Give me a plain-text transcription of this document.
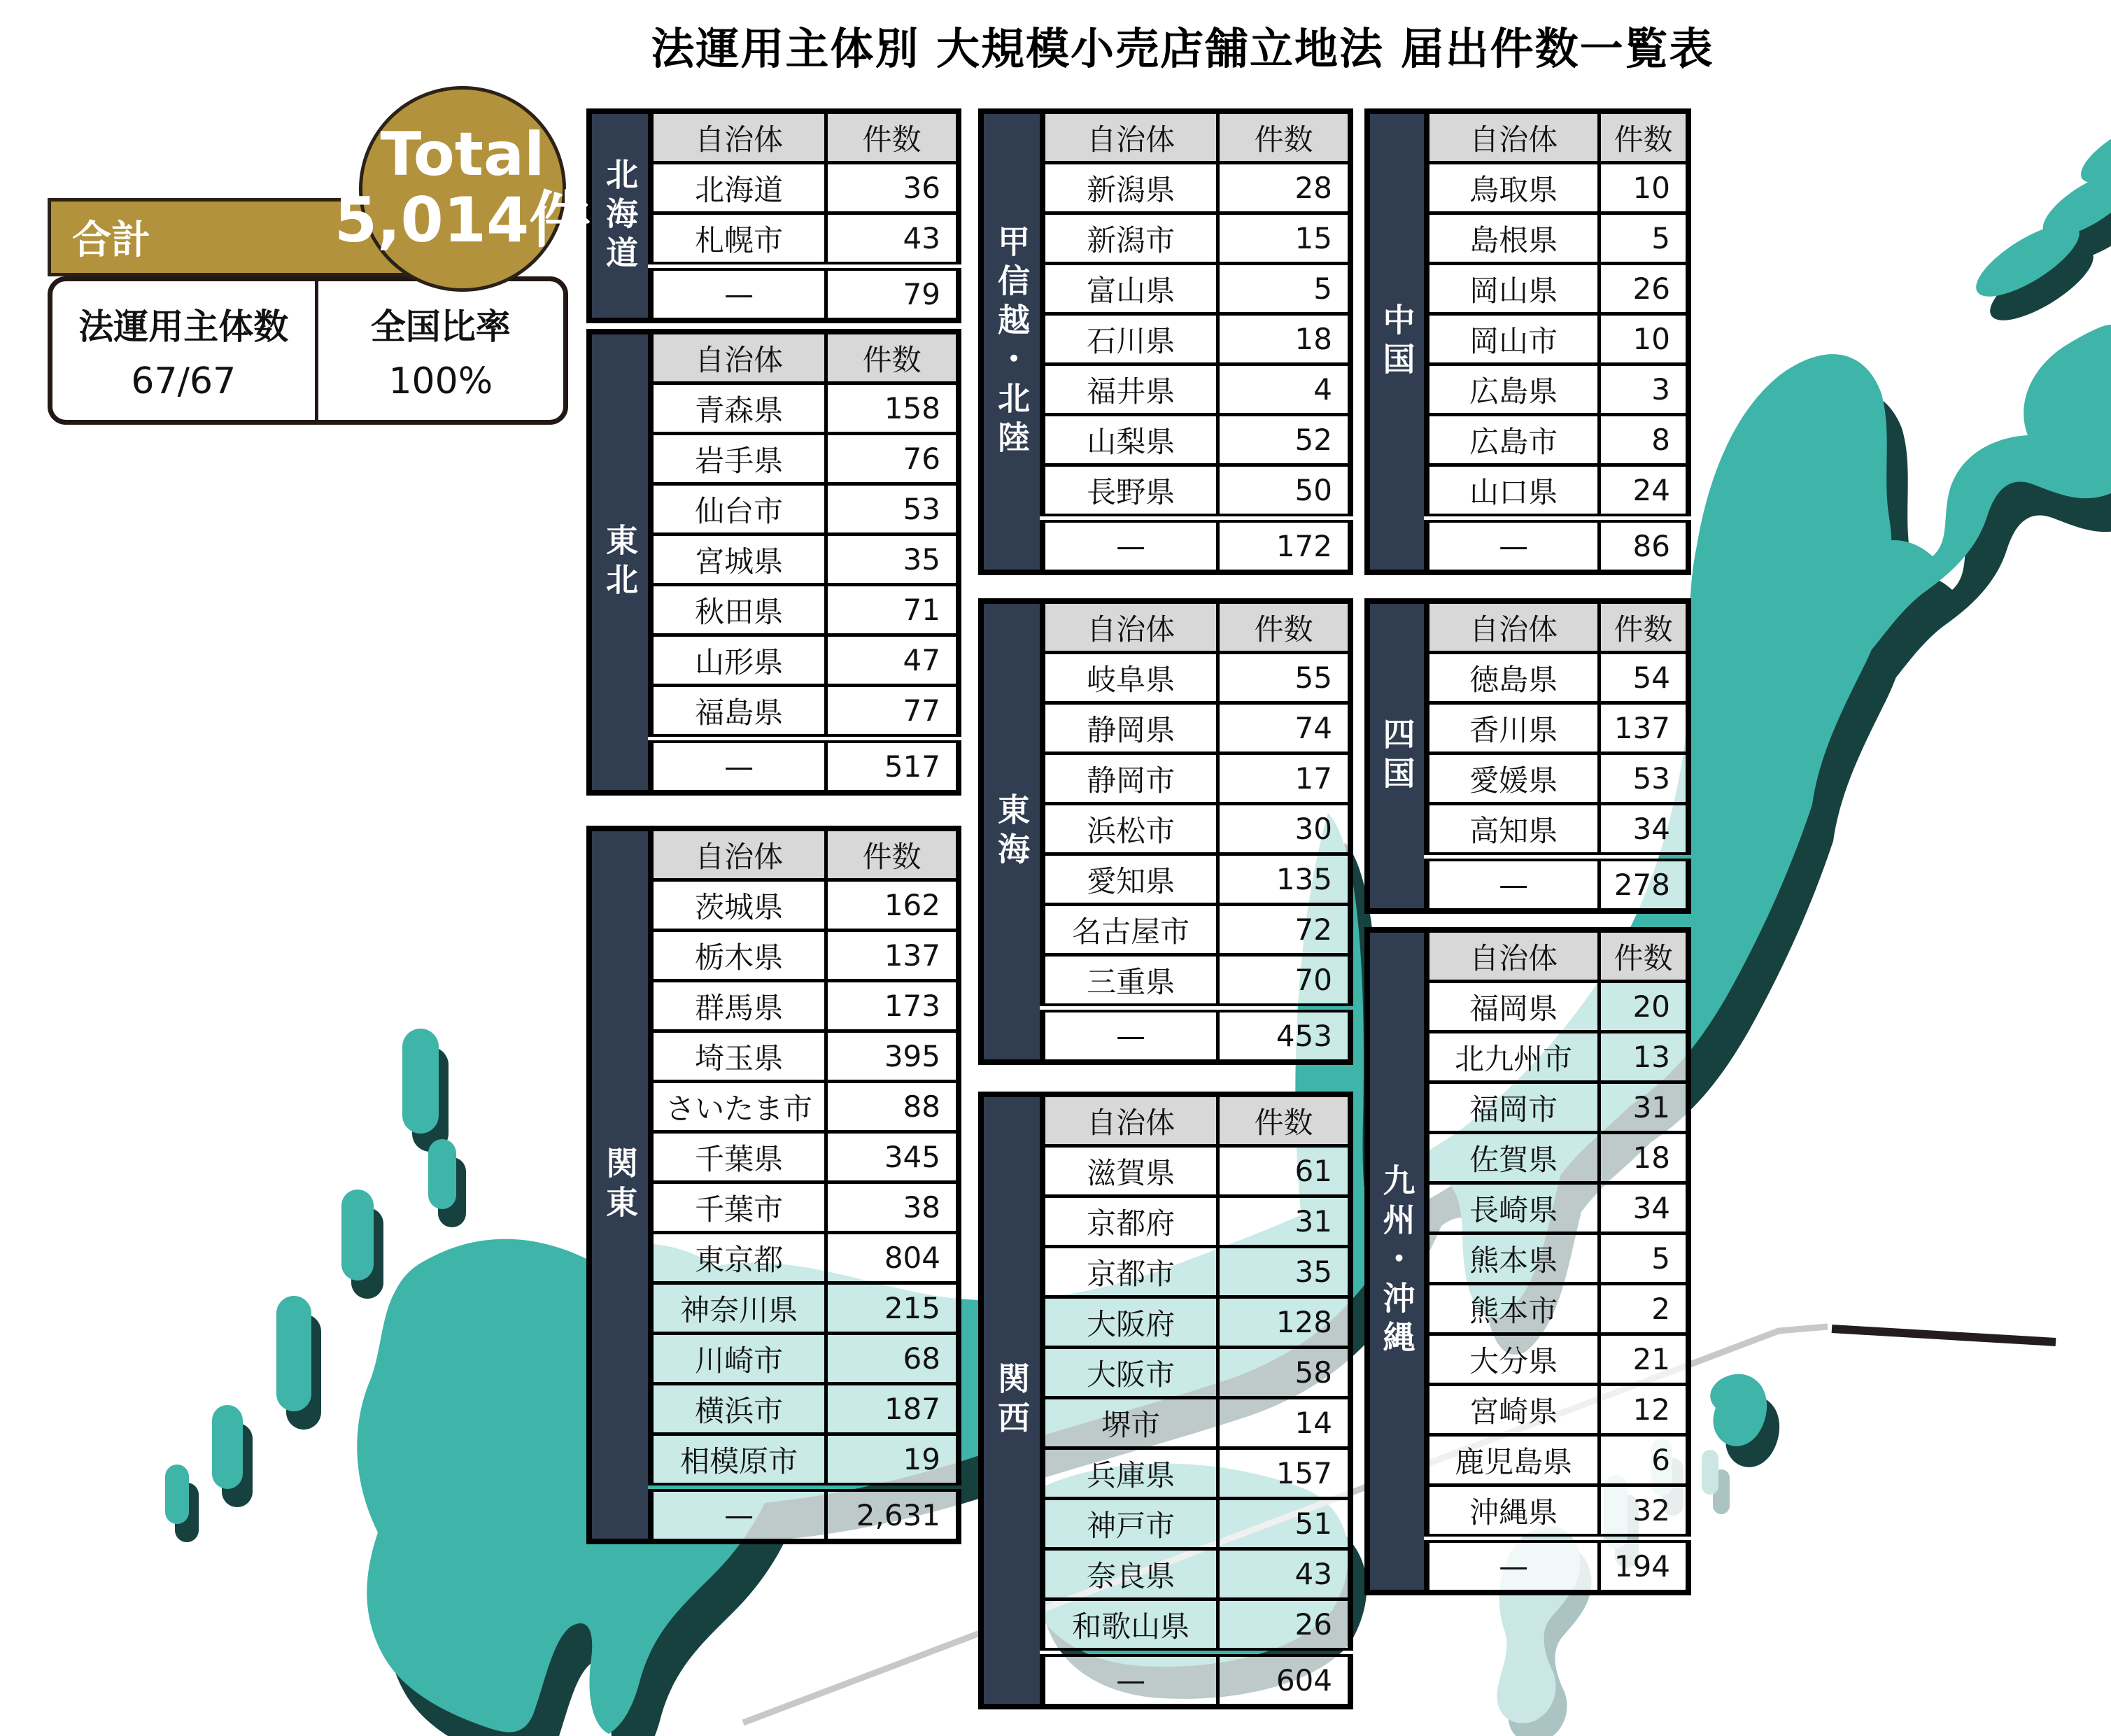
法運用主体別 大規模小売店舗立地法 届出件数一覧表
合計
法運用主体数
67/67
全国比率
100%
Total
5,014件 北海道
自治体	件数
北海道	36
札幌市	43
—	79
東北
自治体	件数
青森県	158
岩手県	76
仙台市	53
宮城県	35
秋田県	71
山形県	47
福島県	77
—	517
関東
自治体	件数
茨城県	162
栃木県	137
群馬県	173
埼玉県	395
さいたま市	88
千葉県	345
千葉市	38
東京都	804
神奈川県	215
川崎市	68
横浜市	187
相模原市	19
—	2,631
甲信越・北陸
自治体	件数
新潟県	28
新潟市	15
富山県	5
石川県	18
福井県	4
山梨県	52
長野県	50
—	172
東海
自治体	件数
岐阜県	55
静岡県	74
静岡市	17
浜松市	30
愛知県	135
名古屋市	72
三重県	70
—	453
関西
自治体	件数
滋賀県	61
京都府	31
京都市	35
大阪府	128
大阪市	58
堺市	14
兵庫県	157
神戸市	51
奈良県	43
和歌山県	26
—	604
中国
自治体	件数
鳥取県	10
島根県	5
岡山県	26
岡山市	10
広島県	3
広島市	8
山口県	24
—	86
四国
自治体	件数
徳島県	54
香川県	137
愛媛県	53
高知県	34
—	278
九州・沖縄
自治体	件数
福岡県	20
北九州市	13
福岡市	31
佐賀県	18
長崎県	34
熊本県	5
熊本市	2
大分県	21
宮崎県	12
鹿児島県	6
沖縄県	32
—	194
